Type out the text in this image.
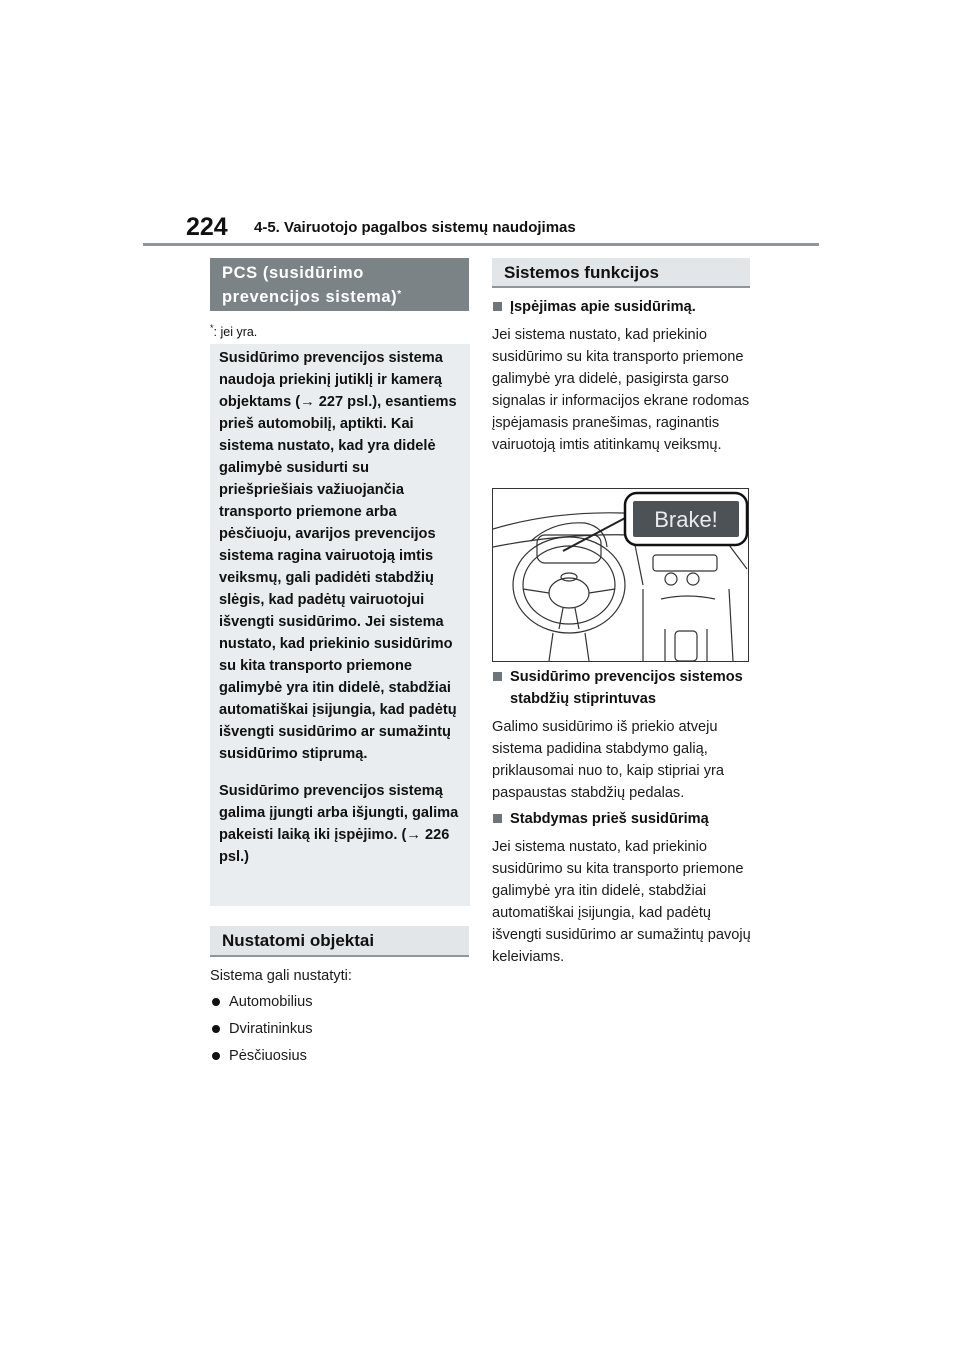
224 4-5. Vairuotojo pagalbos sistemų naudojimas
PCS (susidūrimo prevencijos sistema)*
*: jei yra.

Susidūrimo prevencijos sistema naudoja priekinį jutiklį ir kamerą objektams (→ 227 psl.), esantiems prieš automobilį, aptikti. Kai sistema nustato, kad yra didelė galimybė susidurti su priešpriešiais važiuojančia transporto priemone arba pėsčiuoju, avarijos prevencijos sistema ragina vairuotoją imtis veiksmų, gali padidėti stabdžių slėgis, kad padėtų vairuotojui išvengti susidūrimo. Jei sistema nustato, kad priekinio susidūrimo su kita transporto priemone galimybė yra itin didelė, stabdžiai automatiškai įsijungia, kad padėtų išvengti susidūrimo ar sumažintų susidūrimo stiprumą.

Susidūrimo prevencijos sistemą galima įjungti arba išjungti, galima pakeisti laiką iki įspėjimo. (→ 226 psl.)

Nustatomi objektai

Sistema gali nustatyti:

Automobilius
Dviratininkus
Pėsčiuosius
Sistemos funkcijos
Įspėjimas apie susidūrimą.

Jei sistema nustato, kad priekinio susidūrimo su kita transporto priemone galimybė yra didelė, pasigirsta garso signalas ir informacijos ekrane rodomas įspėjamasis pranešimas, raginantis vairuotoją imtis atitinkamų veiksmų.

Brake!
Susidūrimo prevencijos sistemos stabdžių stiprintuvas

Galimo susidūrimo iš priekio atveju sistema padidina stabdymo galią, priklausomai nuo to, kaip stipriai yra paspaustas stabdžių pedalas.

Stabdymas prieš susidūrimą

Jei sistema nustato, kad priekinio susidūrimo su kita transporto priemone galimybė yra itin didelė, stabdžiai automatiškai įsijungia, kad padėtų išvengti susidūrimo ar sumažintų pavojų keleiviams.
